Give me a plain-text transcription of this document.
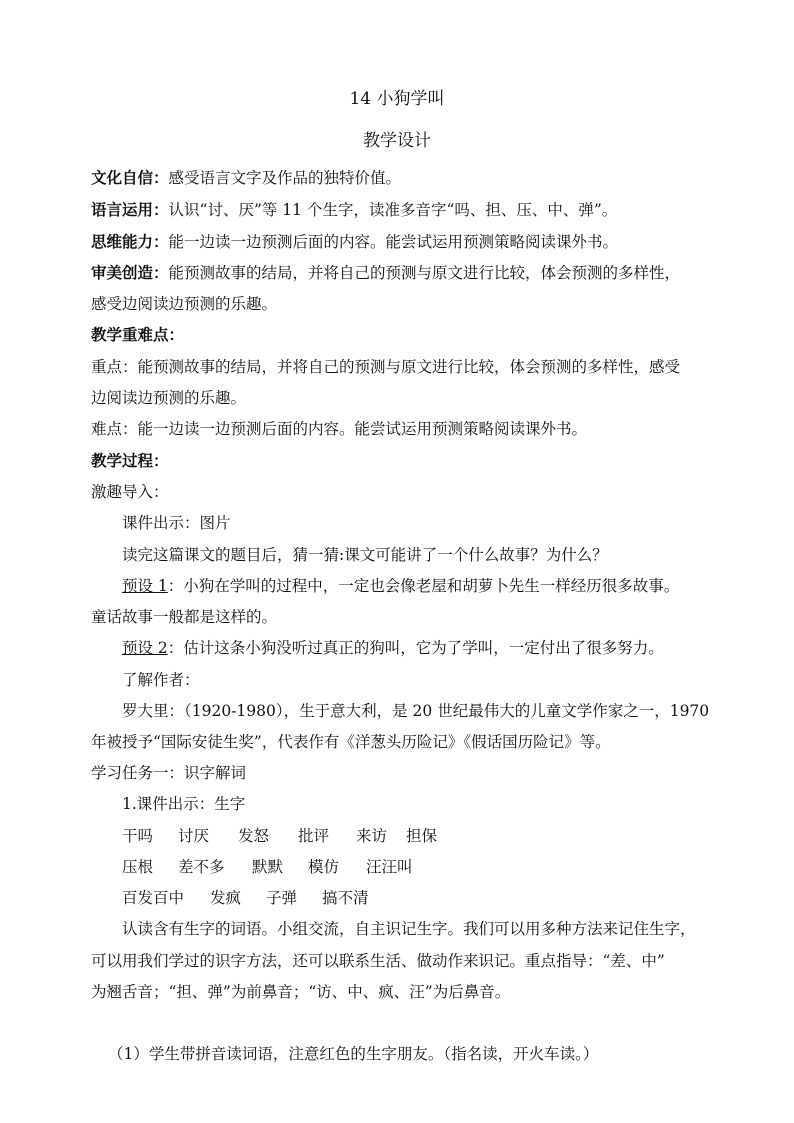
14 小狗学叫
教学设计
文化自信：感受语言文字及作品的独特价值。
语言运用：认识“讨、厌”等 11 个生字，读准多音字“吗、担、压、中、弹”。
思维能力：能一边读一边预测后面的内容。能尝试运用预测策略阅读课外书。
审美创造：能预测故事的结局，并将自己的预测与原文进行比较，体会预测的多样性，
感受边阅读边预测的乐趣。
教学重难点：
重点：能预测故事的结局，并将自己的预测与原文进行比较，体会预测的多样性，感受
边阅读边预测的乐趣。
难点：能一边读一边预测后面的内容。能尝试运用预测策略阅读课外书。
教学过程：
激趣导入：
课件出示：图片
读完这篇课文的题目后，猜一猜:课文可能讲了一个什么故事？为什么？
预设 1：小狗在学叫的过程中，一定也会像老屋和胡萝卜先生一样经历很多故事。
童话故事一般都是这样的。
预设 2：估计这条小狗没听过真正的狗叫，它为了学叫，一定付出了很多努力。
了解作者：
罗大里：（1920-1980），生于意大利，是 20 世纪最伟大的儿童文学作家之一，1970
年被授予“国际安徒生奖”，代表作有《洋葱头历险记》《假话国历险记》等。
学习任务一：识字解词
1.课件出示：生字
干吗 讨厌 发怒 批评 来访 担保
压根 差不多 默默 模仿 汪汪叫
百发百中 发疯 子弹 搞不清
认读含有生字的词语。小组交流，自主识记生字。我们可以用多种方法来记住生字，
可以用我们学过的识字方法，还可以联系生活、做动作来识记。重点指导：“差、中”
为翘舌音；“担、弹”为前鼻音；“访、中、疯、汪”为后鼻音。
（1）学生带拼音读词语，注意红色的生字朋友。（指名读，开火车读。）
